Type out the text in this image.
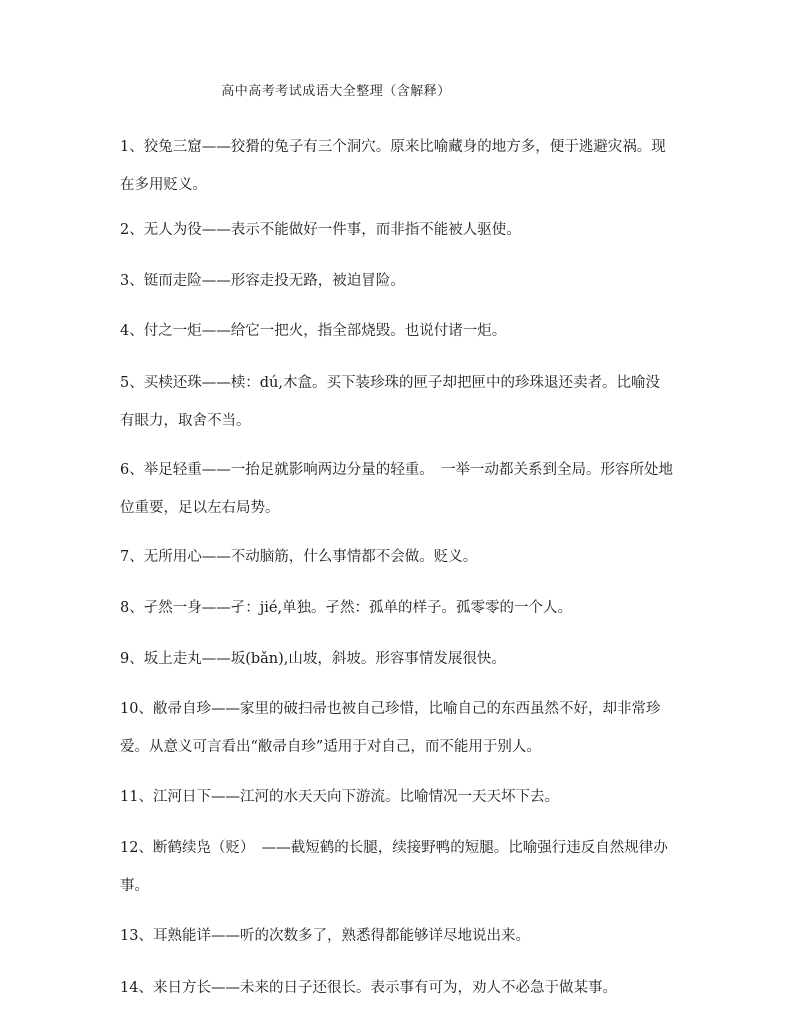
高中高考考试成语大全整理（含解释）
1、狡兔三窟——狡猾的兔子有三个洞穴。原来比喻藏身的地方多，便于逃避灾祸。现
在多用贬义。
2、无人为役——表示不能做好一件事，而非指不能被人驱使。
3、铤而走险——形容走投无路，被迫冒险。
4、付之一炬——给它一把火，指全部烧毁。也说付诸一炬。
5、买椟还珠——椟：dú,木盒。买下装珍珠的匣子却把匣中的珍珠退还卖者。比喻没
有眼力，取舍不当。
6、举足轻重——一抬足就影响两边分量的轻重。　一举一动都关系到全局。形容所处地
位重要，足以左右局势。
7、无所用心——不动脑筋，什么事情都不会做。贬义。
8、孑然一身——孑：jié,单独。孑然：孤单的样子。孤零零的一个人。
9、坂上走丸——坂(bǎn),山坡，斜坡。形容事情发展很快。
10、敝帚自珍——家里的破扫帚也被自己珍惜，比喻自己的东西虽然不好，却非常珍
爱。从意义可言看出“敝帚自珍”适用于对自己，而不能用于别人。
11、江河日下——江河的水天天向下游流。比喻情况一天天坏下去。
12、断鹤续凫（贬）　——截短鹤的长腿，续接野鸭的短腿。比喻强行违反自然规律办
事。
13、耳熟能详——听的次数多了，熟悉得都能够详尽地说出来。
14、来日方长——未来的日子还很长。表示事有可为，劝人不必急于做某事。
